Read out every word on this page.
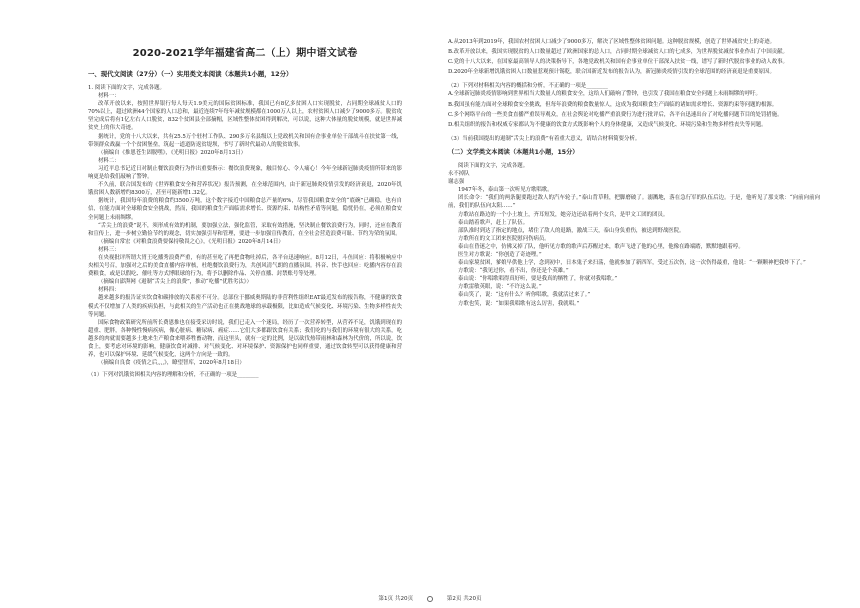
2020-2021学年福建省高二（上）期中语文试卷
一、现代文阅读（27分）（一）实用类文本阅读（本题共1小题，12分）

1. 阅读下面的文字，完成各题。

材料一：

改革开放以来，按照世界银行每人每天1.9美元的国际贫困标准，我国已有8亿多贫困人口实现脱贫，占同期全球减贫人口的70%以上，超过欧洲44个国家的人口总和，最近连续7年每年减贫规模都在1000万人以上，农村贫困人口减少了9000多万。脱贫攻坚完成后将有1亿左右人口脱贫，832个贫困县全部摘帽，区域性整体贫困得到解决，可以说，这种大体量的脱贫规模，就是世界减贫史上的伟大奇迹。

据统计，党的十八大以来，共有25.5万个驻村工作队、290多万名县级以上党政机关和国有企事业单位干部战斗在扶贫第一线，带领群众战赢一个个贫困堡垒，筑起一道道防返贫堤坝，书写了新时代最动人的脱贫故事。

（摘编自《推恩苍生固脱嘿》，《光明日报》2020年8月13日）

材料二：

习近平总书记近日对制止餐饮浪费行为作出重要指示：餐饮浪费现象，触目惊心、令人痛心！今年全球新冠肺炎疫情所带来的影响更是给我们敲响了警钟。

不久前，联合国发布的《世界粮食安全和营养状况》报告预测，在全球范围内，由于新冠肺炎疫情引发的经济衰退，2020年饥饿贫困人数新增约8300万，甚至可能新增1.32亿。

据统计，我国每年浪费的粮食约3500万吨，这个数字接近中国粮食总产量的6%，尽管我国粮食安全的“底碗”已确稳，也有自信，在能力面对全球粮食安全挑战，然而，我国的粮食生产面临需求增长、资源约束、结构性矛盾等问题，隐忧仍在，必须在粮食安全问题上未雨绸缪。

“舌尖上的浪费”说不，须形成有效的机制，要加强立法，强化监管，采取有效措施，坚决制止餐饮浪费行为，同时，还应在教育和宣传上，进一步树立勤俭节约的观念，切实加强引导和管理，要进一步加强宣传教育，在全社会营造浪费可耻、节约为荣的氛围。

（摘编自常宏《对粮食浪费要保持敬畏之心》，《光明日报》2020年8月14日）

材料三：

在央视批评所谓大胃王吃播秀浪费严重，有的甚至吃了再把食物吐掉后，各平台迅速响应。8月12日，斗鱼回应：将积极响应中央相关号召，加强对之后的美食直播内容审核，杜绝餐饮浪费行为，共创风清气朗的直播氛围。抖音、快手也回应：吃播内容存在浪费粮食，或是以假吃、催吐等方式博眼球的行为，将予以删除作品、关停直播、封禁账号等处理。

（摘编自澎湃网《遏制“舌尖上的浪费”，推动“吃播”优胜劣汰》）

材料四：

越来越多的报告证实饮食和碳排放的关系密不可分。总部位于挪威奥斯陆的非营利性组织EAT最近发布的报告称，不健康的饮食模式不仅增加了人类的疾病负担，与此相关的生产活动也正在挑战地球的承载极限，比如造成气候变化、环境污染、生物多样性丧失等问题。

国际食物政策研究所前所长费恩推也在接受采访时说，我们已走入一个迷局，经历了一次营养转型，从营养不足，饥饿到现在的超重、肥胖，各种慢性慢病疾病，像心脏病、糖尿病、癌症……它们大多都跟饮食有关系；我们吃的与我们的环境有很大的关系，吃越多的肉就需要越多土地来生产粮食来喂养牲畜动物，而这里头，就有一定的比例，是以砍伐热带雨林和森林为代价的，所以说，饮食上，要考虑对环境的影响，健康饮食对减排、对气候变化、对环境保护、资源保护也同样重要，通过饮食转型可以获得健康和营养，也可以保护环境、延缓气候变化，这两个方向是一致的。

（摘编自良食《疫情之后,,,,》，瞭望智库，2020年8月18日）

（1）下列对饥饿贫困相关内容的理解和分析，不正确的一项是________

A.从2013年到2019年，我国农村贫困人口减少了9000多万，解决了区域性整体贫困问题。这种脱贫规模，创造了世界减贫史上的奇迹。

B.改革开放以来，我国实现脱贫的人口数量超过了欧洲国家的总人口，占同时期全球减贫人口的七成多，为世界脱贫减贫事业作出了中国贡献。

C.党的十八大以来，在国家最高领导人的决策指导下，各地党政机关和国有企事业单位干部深入扶贫一线，谱写了新时代脱贫事业的动人故事。

D.2020年全球新增饥饿贫困人口数量惹观预计锡乾，联合国新近发布的报告认为，新冠肺炎疫情引发的全球范围的经济衰退是重要原因。

（2）下列对材料相关内容的概括和分析，不正确的一项是________

A.全球新冠肺炎疫情影响到世界相当大数量人的粮食安全，这给人们敲响了警钟，也引发了我国在粮食安全问题上未雨绸缪的呼吁。

B.我国虽有能力面对全球粮食安全挑战，但每年浪费的粮食数量惊人，这成为我国粮食生产面临的诸如需求增长、资源约束等问题的根源。

C.多个网络平台的一些美食直播严重误导观众，在社会舆论对吃播严重浪费行为进行批评后，各平台迅速出台了对吃播问题节目的处罚措施。

D.相关组织的报告和权威专家都认为不健康的饮食方式既影响个人的身体健康，又造成气候变化、环境污染和生物多样性丧失等问题。

（3）当前我国提出的遏制“舌尖上的浪费”有着重大意义，请结合材料简要分析。

（二）文学类文本阅读（本题共1小题，15分）

阅读下面的文字，完成各题。

永不掉队

谢志强

1947年冬，泰山第一次听见方歌唱歌。

团长命令：“我们的两条腿要跑过敌人的汽车轮子。”泰山背草鞋，把脚磨破了。溺溅地，落在急行军的队伍后边。于是，他听见了那支歌：“向前向前向前，我们的队伍向太阳……”

方歌站在路边的一个小土坡上，齐耳短发，她旁边还站着两个女兵，是甲文工团的团员。

泰山踏着歌声，赶上了队伍。

部队准时到达了指定的地点，堵住了敌人的退路，激战三天，泰山身负重伤，被送到野战医院。

方歌所在的文工团来医院慰问伤病员。

泰山在昏迷之中，仿佛又掉了队，他听见方歌的歌声后苏醒过来，歌声飞进了他的心里，他像在路端踏，默默地跟着哼。

医生对方歌说：“你创造了奇迹哩。”

泰山家境贫困，爹娘早供他上学，念到初中，日本鬼子来扫荡，他就参加了新四军，受过五次伤，这一次伤得最重，他说：“一颗颗神把我炸下了。”

方歌说：“我见过你，看不出，你还是个英雄。”

泰山说：“你唱歌唱得真好听，要是我真的牺牲了，你就对我唱歌。”

方歌雷敏英眼，说：“不许这么说。”

泰山笑了，说：“这有什么？听你唱歌，我就活过来了。”

方歌也笑，说：“如果我唱歌有这么厉害，我就唱。”

第1页 共20页	第2页 共20页
